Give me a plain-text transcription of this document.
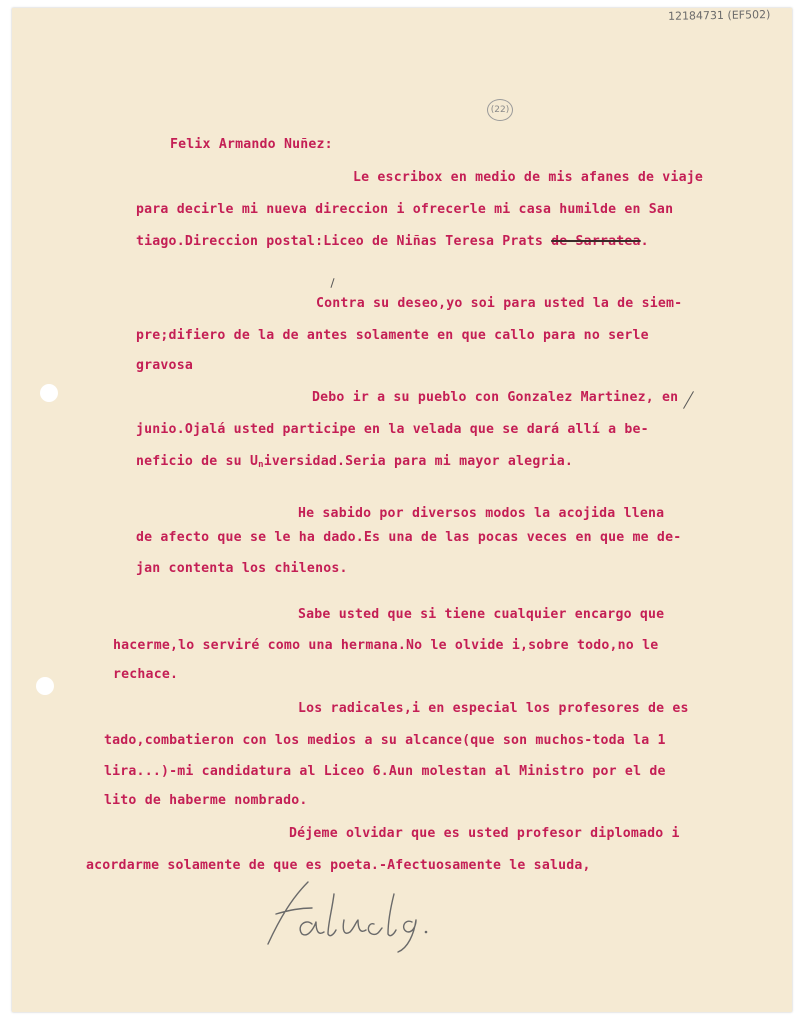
12184731 (EF502)
(22)
Felix Armando Nuñez:
Le escribox en medio de mis afanes de viaje
para decirle mi nueva direccion i ofrecerle mi casa humilde en San
tiago.Direccion postal:Liceo de Niñas Teresa Prats de Sarratea.
Contra su deseo,yo soi para usted la de siem-
pre;difiero de la de antes solamente en que callo para no serle
gravosa
Debo ir a su pueblo con Gonzalez Martinez, en
junio.Ojalá usted participe en la velada que se dará allí a be-
neficio de su Universidad.Seria para mi mayor alegria.
He sabido por diversos modos la acojida llena
de afecto que se le ha dado.Es una de las pocas veces en que me de-
jan contenta los chilenos.
Sabe usted que si tiene cualquier encargo que
hacerme,lo serviré como una hermana.No le olvide i,sobre todo,no le
rechace.
Los radicales,i en especial los profesores de es
tado,combatieron con los medios a su alcance(que son muchos-toda la 1
lira...)-mi candidatura al Liceo 6.Aun molestan al Ministro por el de
lito de haberme nombrado.
Déjeme olvidar que es usted profesor diplomado i
acordarme solamente de que es poeta.-Afectuosamente le saluda,
